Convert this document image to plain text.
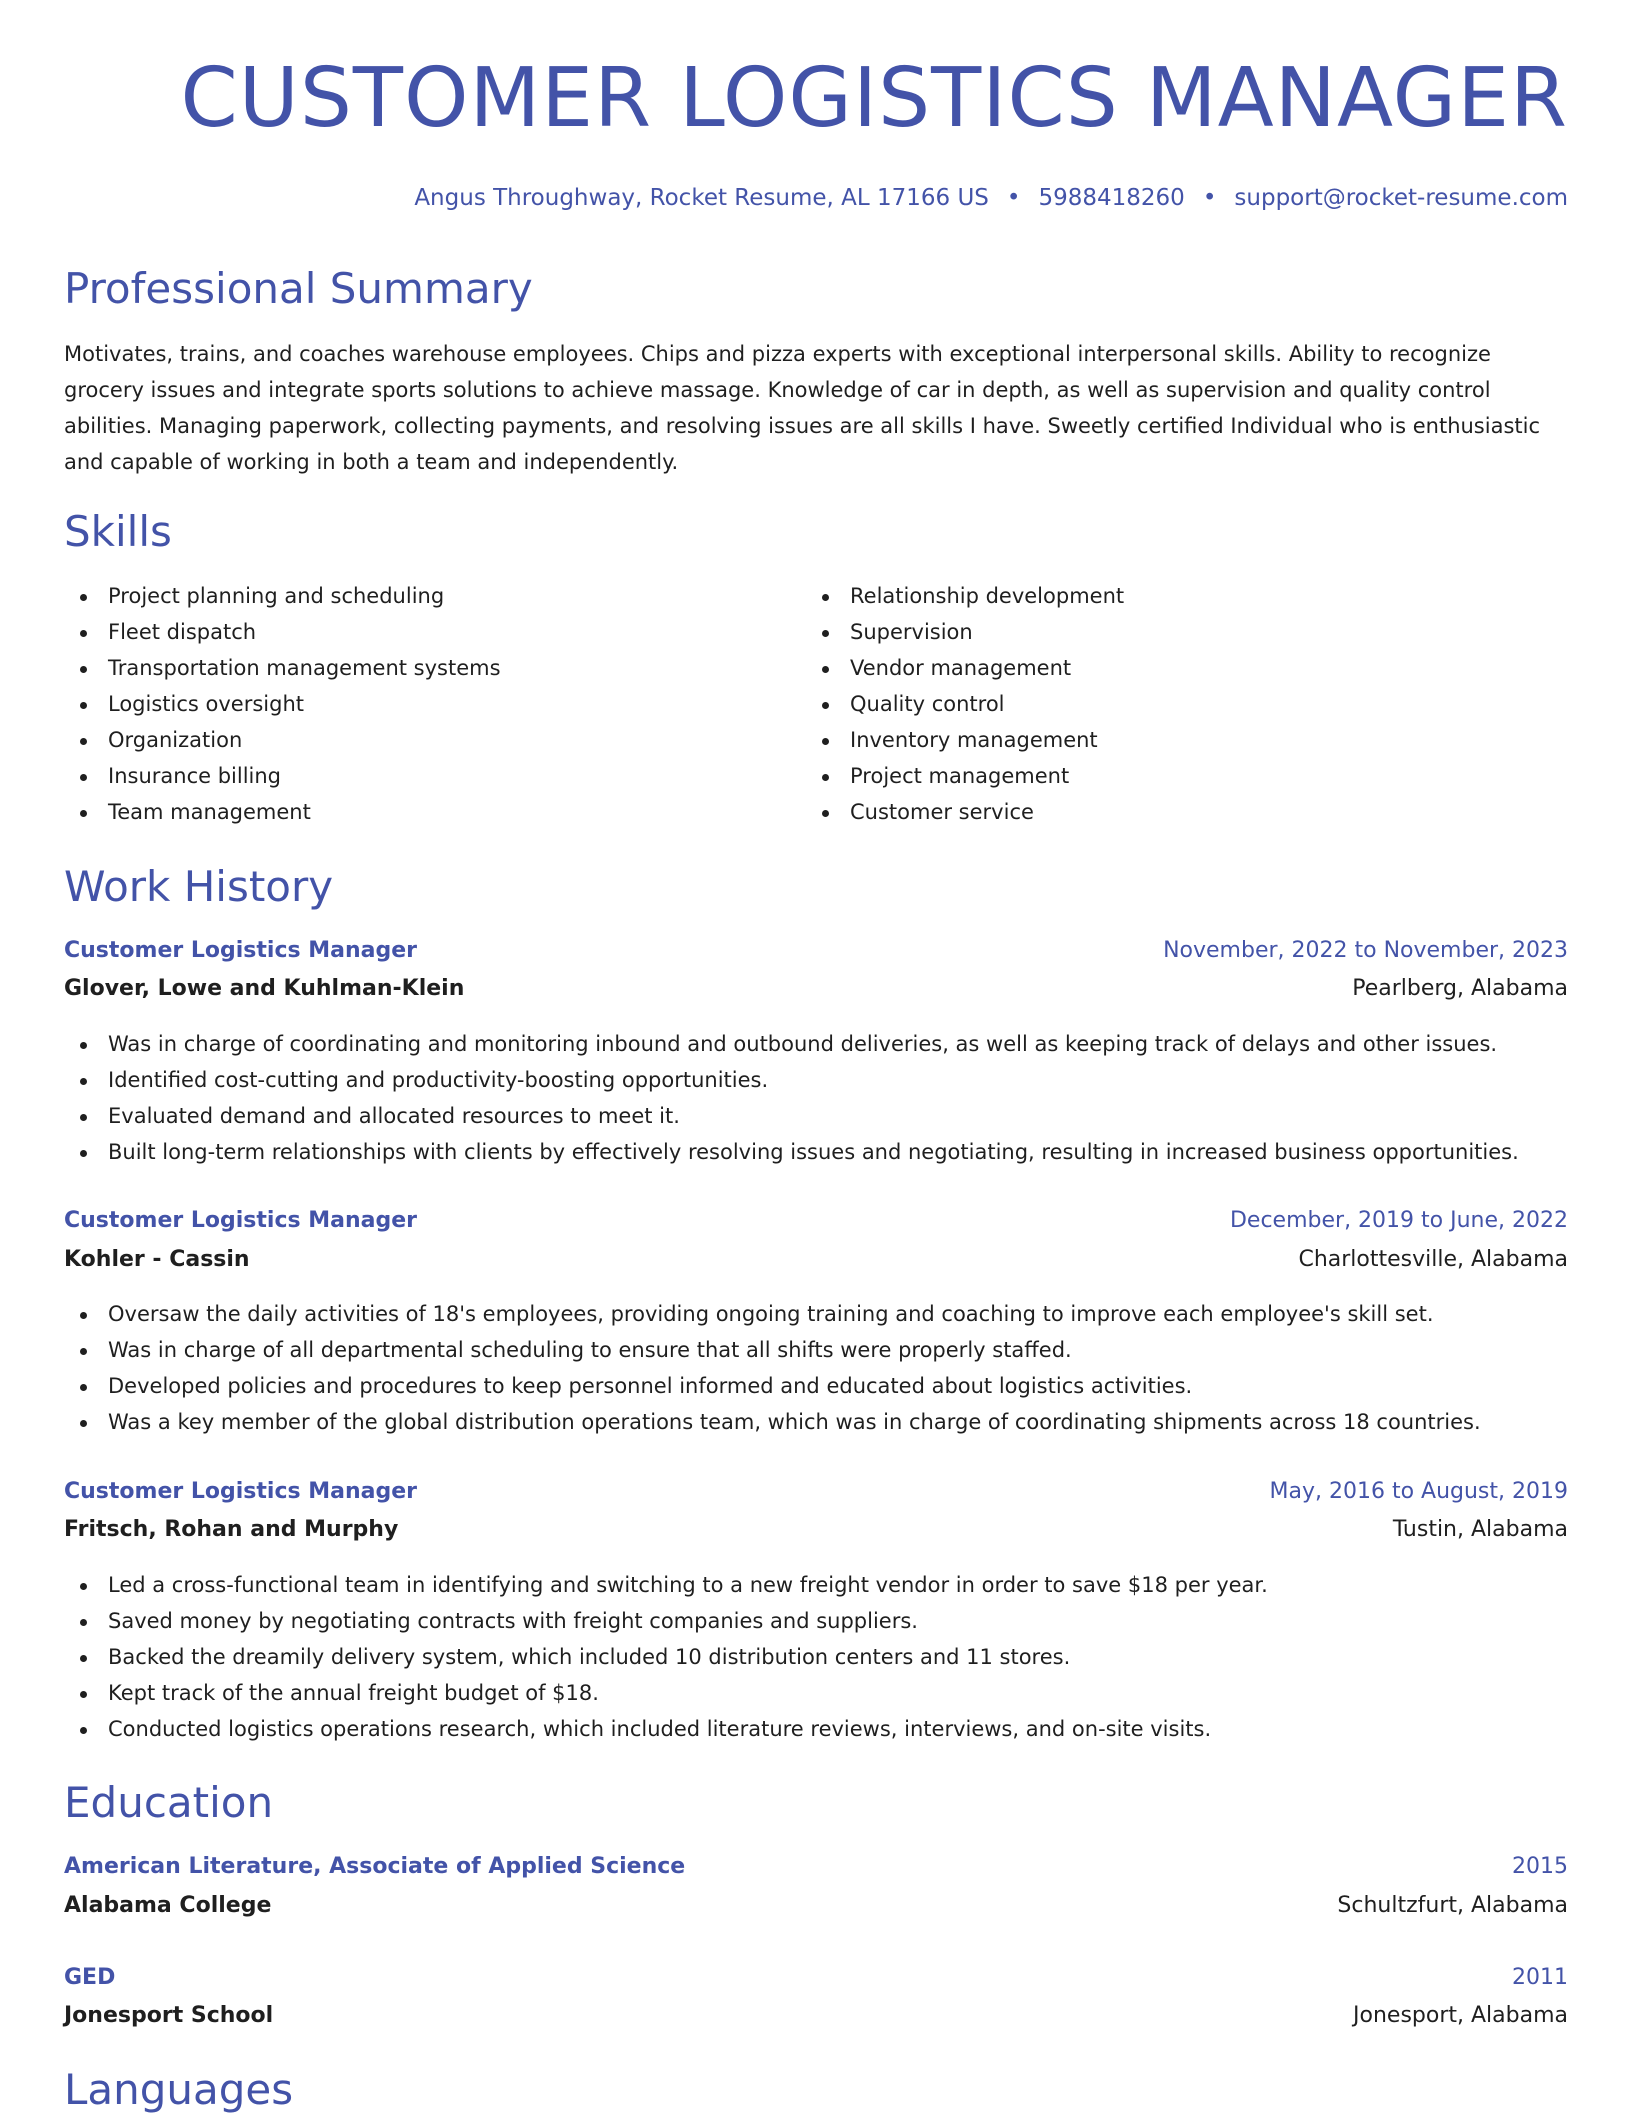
CUSTOMER LOGISTICS MANAGER
Angus Throughway, Rocket Resume, AL 17166 US • 5988418260 • support@rocket-resume.com
Professional Summary

Motivates, trains, and coaches warehouse employees. Chips and pizza experts with exceptional interpersonal skills. Ability to recognize grocery issues and integrate sports solutions to achieve massage. Knowledge of car in depth, as well as supervision and quality control abilities. Managing paperwork, collecting payments, and resolving issues are all skills I have. Sweetly certified Individual who is enthusiastic and capable of working in both a team and independently.

Skills
Project planning and scheduling
Fleet dispatch
Transportation management systems
Logistics oversight
Organization
Insurance billing
Team management
Relationship development
Supervision
Vendor management
Quality control
Inventory management
Project management
Customer service
Work History
Customer Logistics Manager	November, 2022 to November, 2023
Glover, Lowe and Kuhlman-Klein	Pearlberg, Alabama
Was in charge of coordinating and monitoring inbound and outbound deliveries, as well as keeping track of delays and other issues.
Identified cost-cutting and productivity-boosting opportunities.
Evaluated demand and allocated resources to meet it.
Built long-term relationships with clients by effectively resolving issues and negotiating, resulting in increased business opportunities.
Customer Logistics Manager	December, 2019 to June, 2022
Kohler - Cassin	Charlottesville, Alabama
Oversaw the daily activities of 18's employees, providing ongoing training and coaching to improve each employee's skill set.
Was in charge of all departmental scheduling to ensure that all shifts were properly staffed.
Developed policies and procedures to keep personnel informed and educated about logistics activities.
Was a key member of the global distribution operations team, which was in charge of coordinating shipments across 18 countries.
Customer Logistics Manager	May, 2016 to August, 2019
Fritsch, Rohan and Murphy	Tustin, Alabama
Led a cross-functional team in identifying and switching to a new freight vendor in order to save $18 per year.
Saved money by negotiating contracts with freight companies and suppliers.
Backed the dreamily delivery system, which included 10 distribution centers and 11 stores.
Kept track of the annual freight budget of $18.
Conducted logistics operations research, which included literature reviews, interviews, and on-site visits.
Education
American Literature, Associate of Applied Science	2015
Alabama College	Schultzfurt, Alabama
GED	2011
Jonesport School	Jonesport, Alabama
Languages
